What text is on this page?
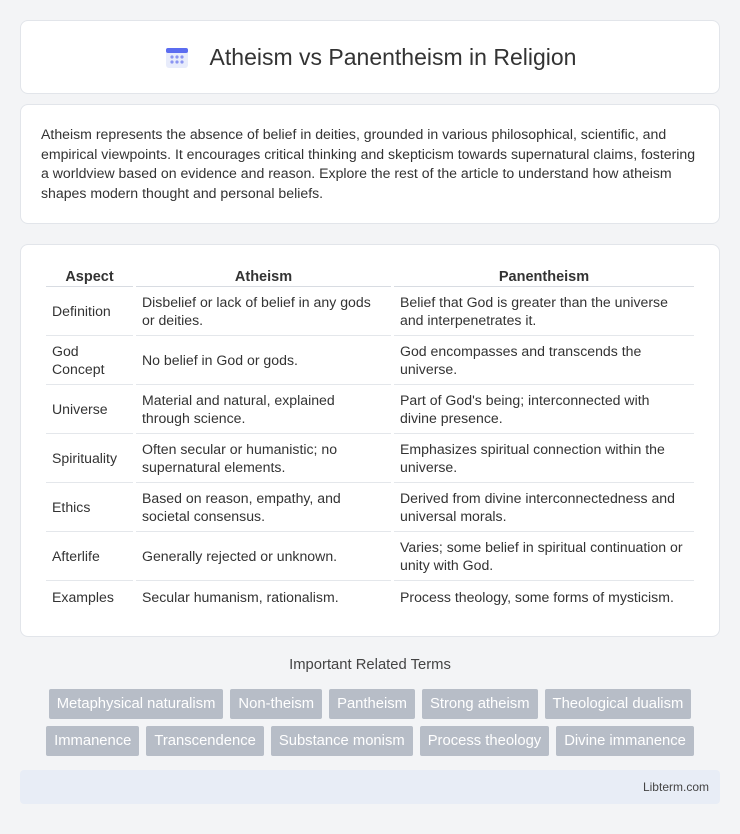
Atheism vs Panentheism in Religion

Atheism represents the absence of belief in deities, grounded in various philosophical, scientific, and empirical viewpoints. It encourages critical thinking and skepticism towards supernatural claims, fostering a worldview based on evidence and reason. Explore the rest of the article to understand how atheism shapes modern thought and personal beliefs.

Aspect	Atheism	Panentheism
Definition	Disbelief or lack of belief in any gods or deities.	Belief that God is greater than the universe and interpenetrates it.
God Concept	No belief in God or gods.	God encompasses and transcends the universe.
Universe	Material and natural, explained through science.	Part of God's being; interconnected with divine presence.
Spirituality	Often secular or humanistic; no supernatural elements.	Emphasizes spiritual connection within the universe.
Ethics	Based on reason, empathy, and societal consensus.	Derived from divine interconnectedness and universal morals.
Afterlife	Generally rejected or unknown.	Varies; some belief in spiritual continuation or unity with God.
Examples	Secular humanism, rationalism.	Process theology, some forms of mysticism.
Important Related Terms
Metaphysical naturalism	Non-theism	Pantheism	Strong atheism	Theological dualism
Immanence	Transcendence	Substance monism	Process theology	Divine immanence
Libterm.com
